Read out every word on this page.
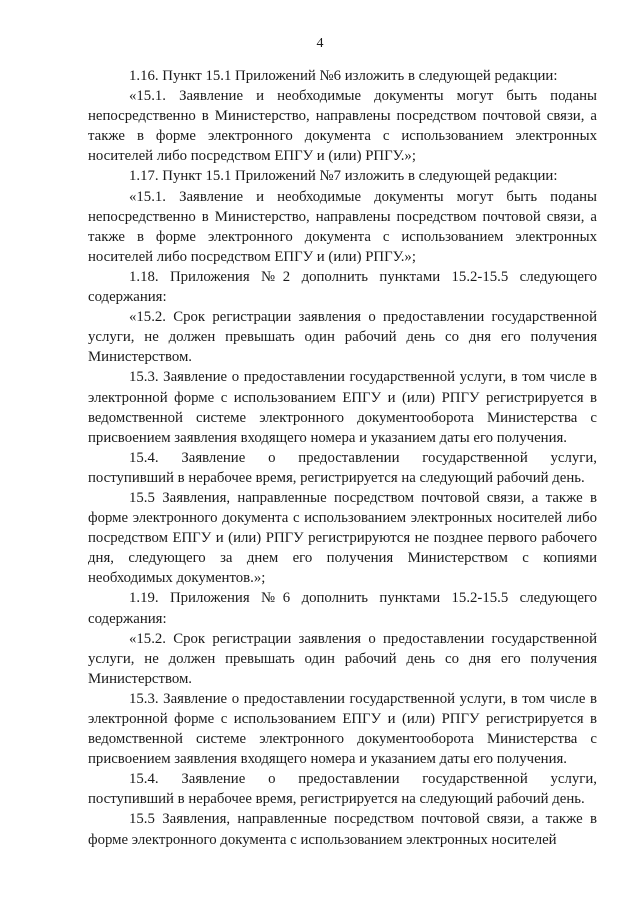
4

1.16. Пункт 15.1 Приложений №6 изложить в следующей редакции:

«15.1. Заявление и необходимые документы могут быть поданы непосредственно в Министерство, направлены посредством почтовой связи, а также в форме электронного документа с использованием электронных носителей либо посредством ЕПГУ и (или) РПГУ.»;

1.17. Пункт 15.1 Приложений №7 изложить в следующей редакции:

«15.1. Заявление и необходимые документы могут быть поданы непосредственно в Министерство, направлены посредством почтовой связи, а также в форме электронного документа с использованием электронных носителей либо посредством ЕПГУ и (или) РПГУ.»;

1.18. Приложения №2 дополнить пунктами 15.2-15.5 следующего содержания:

«15.2. Срок регистрации заявления о предоставлении государственной услуги, не должен превышать один рабочий день со дня его получения Министерством.

15.3. Заявление о предоставлении государственной услуги, в том числе в электронной форме с использованием ЕПГУ и (или) РПГУ регистрируется в ведомственной системе электронного документооборота Министерства с присвоением заявления входящего номера и указанием даты его получения.

15.4. Заявление о предоставлении государственной услуги,

поступивший в нерабочее время, регистрируется на следующий рабочий день.

15.5 Заявления, направленные посредством почтовой связи, а также в форме электронного документа с использованием электронных носителей либо посредством ЕПГУ и (или) РПГУ регистрируются не позднее первого рабочего дня, следующего за днем его получения Министерством с копиями необходимых документов.»;

1.19. Приложения №6 дополнить пунктами 15.2-15.5 следующего содержания:

«15.2. Срок регистрации заявления о предоставлении государственной услуги, не должен превышать один рабочий день со дня его получения Министерством.

15.3. Заявление о предоставлении государственной услуги, в том числе в электронной форме с использованием ЕПГУ и (или) РПГУ регистрируется в ведомственной системе электронного документооборота Министерства с присвоением заявления входящего номера и указанием даты его получения.

15.4. Заявление о предоставлении государственной услуги,

поступивший в нерабочее время, регистрируется на следующий рабочий день.

15.5 Заявления, направленные посредством почтовой связи, а также в форме электронного документа с использованием электронных носителей
